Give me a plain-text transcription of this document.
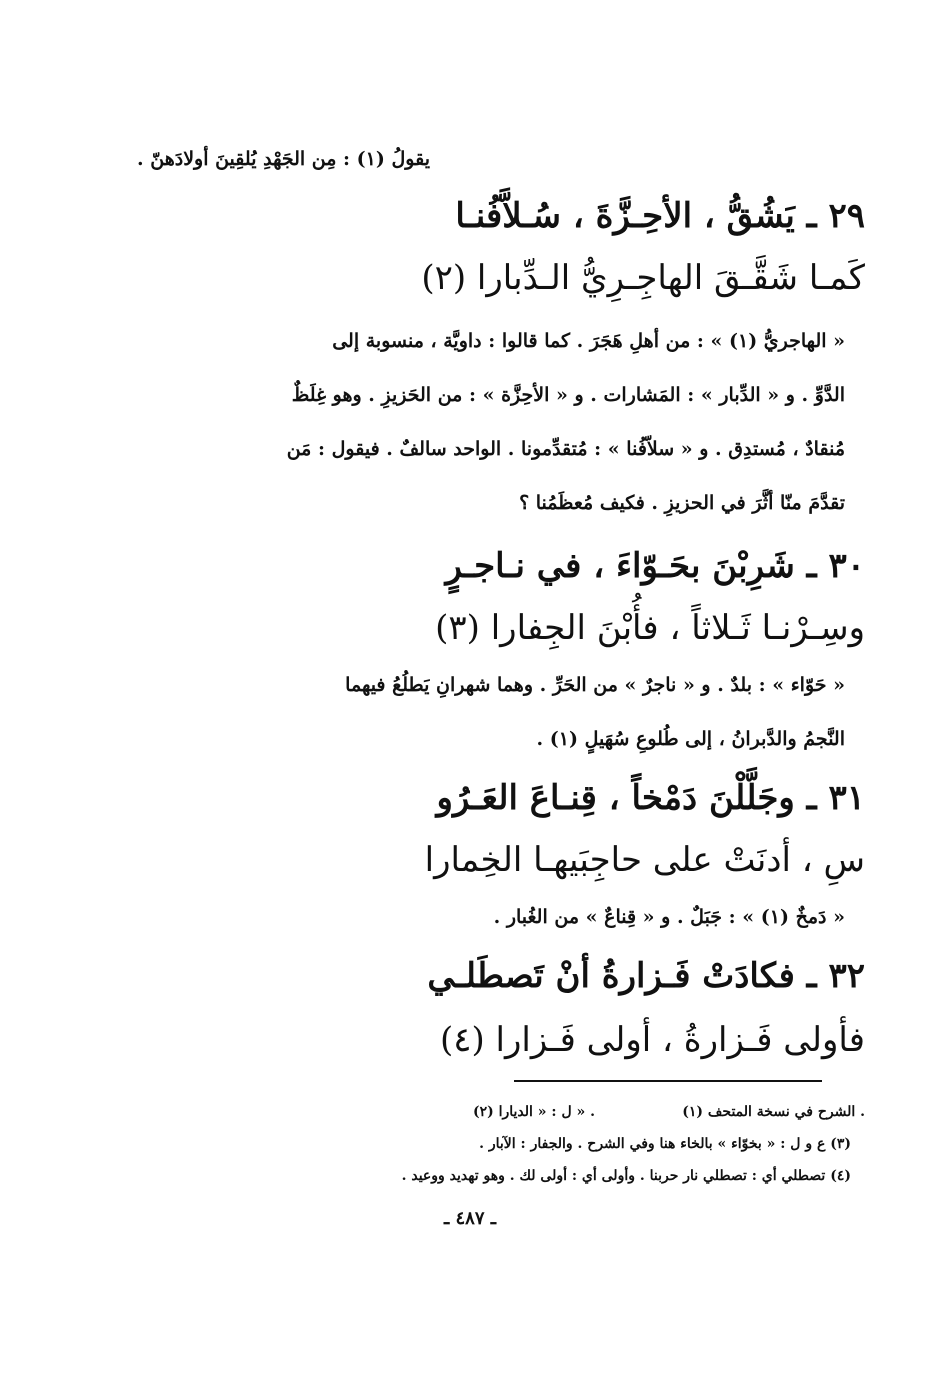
يقولُ (١) : مِن الجَهْدِ يُلقِينَ أولادَهنّ .
٢٩ ـ يَشُقُّ ، الأحِـزَّةَ ، سُـلاَّفُنـا
كَمـا شَقَّـقَ الهاجِـرِيُّ الـدِّبارا (٢)
« الهاجريُّ (١) » : من أهلِ هَجَرَ . كما قالوا : داويَّة ، منسوبة إلى
الدَّوِّ . و « الدِّبار » : المَشارات . و « الأحِزَّة » : من الحَزيزِ . وهو غِلَظٌ
مُنقادٌ ، مُستدِق . و « سلاّفُنا » : مُتقدِّمونا . الواحد سالفٌ . فيقول : مَن
تقدَّمَ منّا أثَّرَ في الحزيزِ . فكيف مُعظَمُنا ؟
٣٠ ـ شَرِبْنَ بحَـوّاءَ ، في نـاجـرٍ
وسِـرْنـا ثَـلاثاً ، فأُبْنَ الجِفارا (٣)
« حَوّاء » : بلدٌ . و « ناجرٌ » من الحَرِّ . وهما شهرانِ يَطلُعُ فيهما
النَّجمُ والدَّبرانُ ، إلى طُلوعِ سُهَيلٍ (١) .
٣١ ـ وجَلَّلْنَ دَمْخاً ، قِنـاعَ العَـرُو
سِ ، أدنَتْ على حاجِبَيهـا الخِمارا
« دَمخٌ (١) » : جَبَلٌ . و « قِناعٌ » من الغُبار .
٣٢ ـ فكادَتْ فَـزارةُ أنْ تَصطَلـي
فأولى فَـزارةُ ، أولى فَـزارا (٤)
(١) الشرح في نسخة المتحف .
(٢) ل : « الديارا » .
(٣) ع و ل : « بخوّاء » بالخاء هنا وفي الشرح . والجفار : الآبار .
(٤) تصطلي أي : تصطلي نار حربنا . وأولى أي : أولى لك . وهو تهديد ووعيد .
ـ ٤٨٧ ـ
